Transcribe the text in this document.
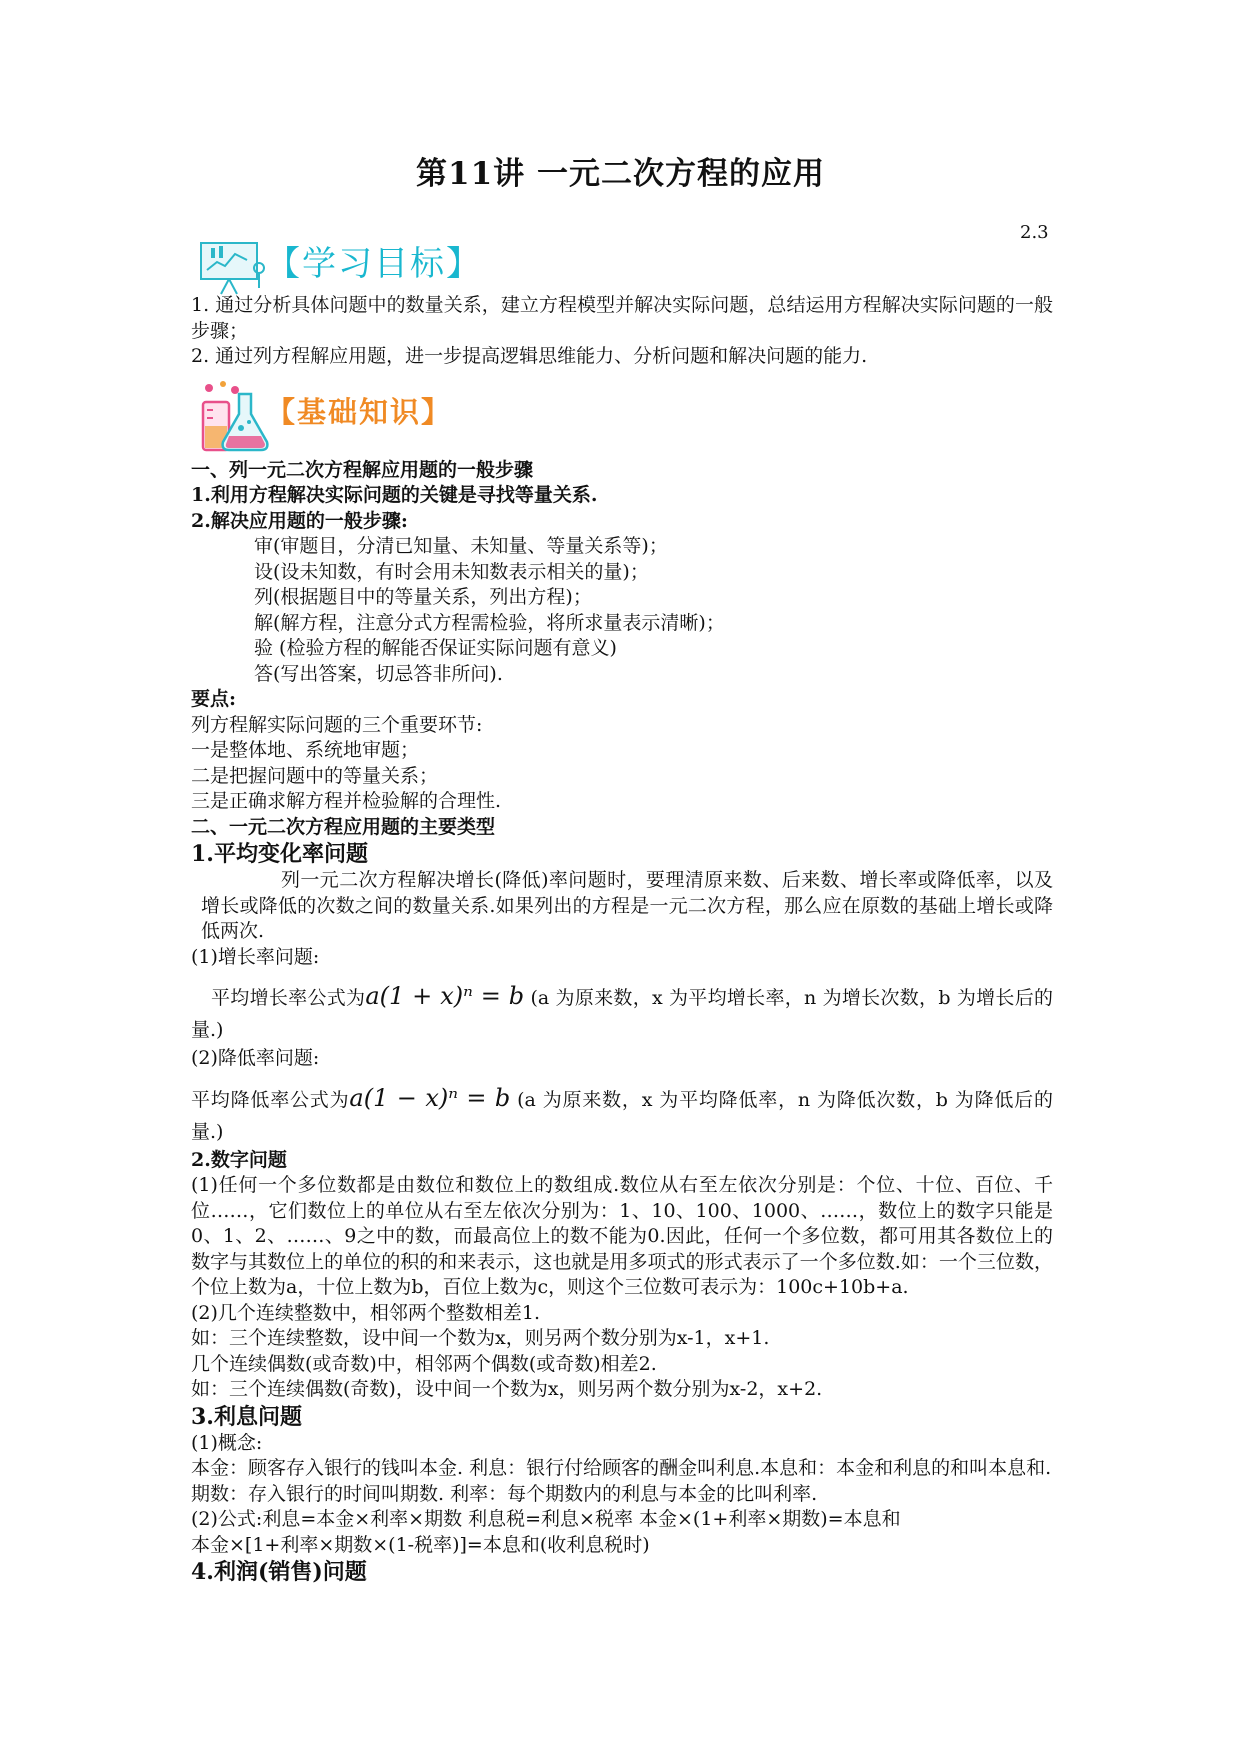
第11讲 一元二次方程的应用
2.3
【学习目标】

1. 通过分析具体问题中的数量关系，建立方程模型并解决实际问题，总结运用方程解决实际问题的一般步骤；

2. 通过列方程解应用题，进一步提高逻辑思维能力、分析问题和解决问题的能力.

【基础知识】

一、列一元二次方程解应用题的一般步骤

1.利用方程解决实际问题的关键是寻找等量关系.

2.解决应用题的一般步骤:

审(审题目，分清已知量、未知量、等量关系等)；

设(设未知数，有时会用未知数表示相关的量)；

列(根据题目中的等量关系，列出方程)；

解(解方程，注意分式方程需检验，将所求量表示清晰)；

验 (检验方程的解能否保证实际问题有意义)

答(写出答案，切忌答非所问).

要点:

列方程解实际问题的三个重要环节:

一是整体地、系统地审题；

二是把握问题中的等量关系；

三是正确求解方程并检验解的合理性.

二、一元二次方程应用题的主要类型

1.平均变化率问题

列一元二次方程解决增长(降低)率问题时，要理清原来数、后来数、增长率或降低率，以及增长或降低的次数之间的数量关系.如果列出的方程是一元二次方程，那么应在原数的基础上增长或降低两次.

(1)增长率问题:

平均增长率公式为a(1 + x)ⁿ = b (a 为原来数，x 为平均增长率，n 为增长次数，b 为增长后的量.)

(2)降低率问题:

平均降低率公式为a(1 − x)ⁿ = b (a 为原来数，x 为平均降低率，n 为降低次数，b 为降低后的量.)

2.数字问题

(1)任何一个多位数都是由数位和数位上的数组成.数位从右至左依次分别是：个位、十位、百位、千位……，它们数位上的单位从右至左依次分别为：1、10、100、1000、……，数位上的数字只能是0、1、2、……、9之中的数，而最高位上的数不能为0.因此，任何一个多位数，都可用其各数位上的数字与其数位上的单位的积的和来表示，这也就是用多项式的形式表示了一个多位数.如：一个三位数，个位上数为a，十位上数为b，百位上数为c，则这个三位数可表示为：100c+10b+a.

(2)几个连续整数中，相邻两个整数相差1.

如：三个连续整数，设中间一个数为x，则另两个数分别为x-1，x+1.

几个连续偶数(或奇数)中，相邻两个偶数(或奇数)相差2.

如：三个连续偶数(奇数)，设中间一个数为x，则另两个数分别为x-2，x+2.

3.利息问题

(1)概念:

本金：顾客存入银行的钱叫本金. 利息：银行付给顾客的酬金叫利息.本息和：本金和利息的和叫本息和.

期数：存入银行的时间叫期数. 利率：每个期数内的利息与本金的比叫利率.

(2)公式:利息=本金×利率×期数 利息税=利息×税率 本金×(1+利率×期数)=本息和

本金×[1+利率×期数×(1-税率)]=本息和(收利息税时)

4.利润(销售)问题
